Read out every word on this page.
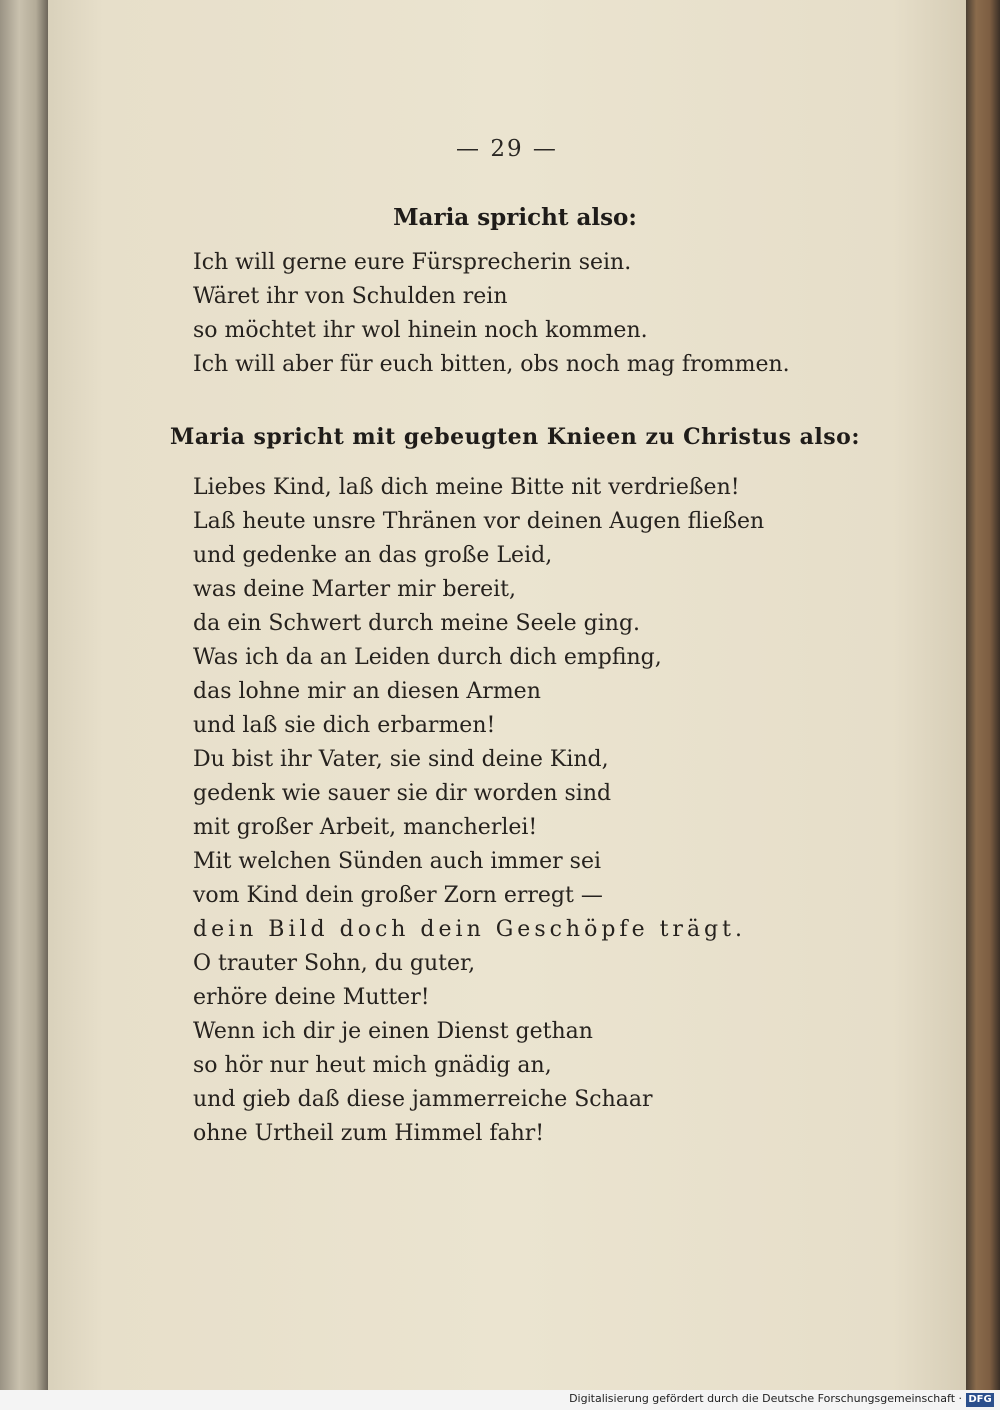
— 29 —
Maria spricht also:
Ich will gerne eure Fürsprecherin sein.
Wäret ihr von Schulden rein
so möchtet ihr wol hinein noch kommen.
Ich will aber für euch bitten, obs noch mag frommen.
Maria spricht mit gebeugten Knieen zu Christus also:
Liebes Kind, laß dich meine Bitte nit verdrießen!
Laß heute unsre Thränen vor deinen Augen fließen
und gedenke an das große Leid,
was deine Marter mir bereit,
da ein Schwert durch meine Seele ging.
Was ich da an Leiden durch dich empfing,
das lohne mir an diesen Armen
und laß sie dich erbarmen!
Du bist ihr Vater, sie sind deine Kind,
gedenk wie sauer sie dir worden sind
mit großer Arbeit, mancherlei!
Mit welchen Sünden auch immer sei
vom Kind dein großer Zorn erregt —
dein Bild doch dein Geschöpfe trägt.
O trauter Sohn, du guter,
erhöre deine Mutter!
Wenn ich dir je einen Dienst gethan
so hör nur heut mich gnädig an,
und gieb daß diese jammerreiche Schaar
ohne Urtheil zum Himmel fahr!
Digitalisierung gefördert durch die Deutsche Forschungsgemeinschaft · DFG
